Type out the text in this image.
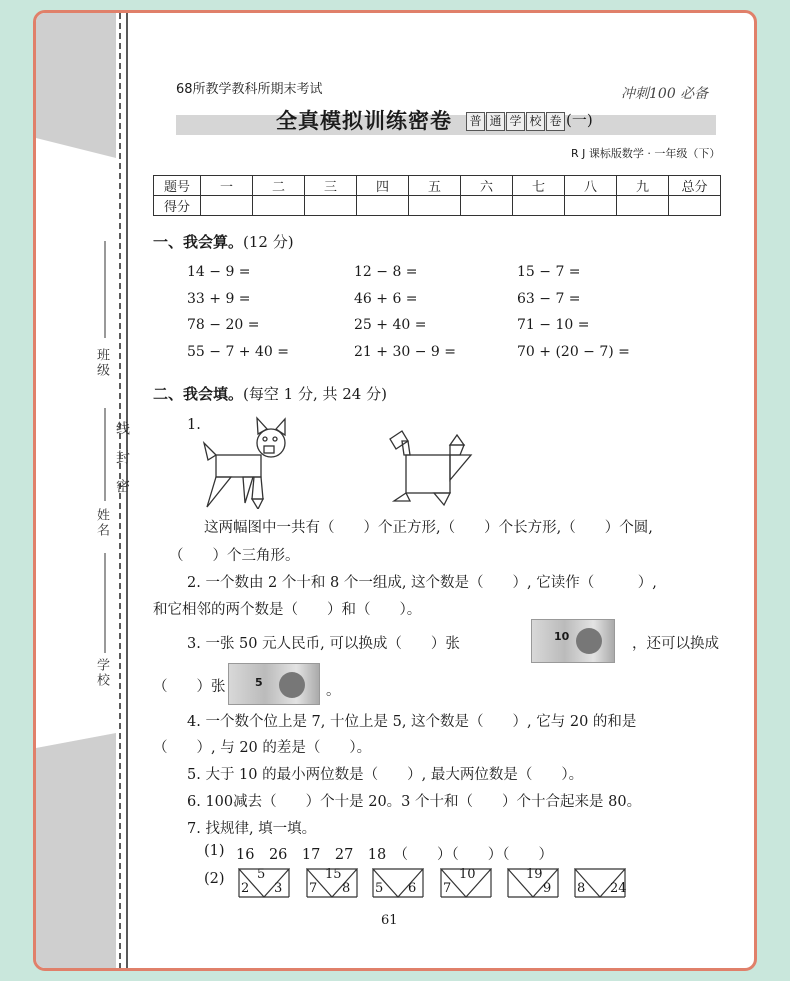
班级
姓名
学校
线
封
密
68所教学教科所期末考试	冲刺100 必备
全真模拟训练密卷 普 通 学 校 卷 (一)
R J 课标版数学 · 一年级（下）
题号	一	二	三	四	五	六	七	八	九	总分
得分										
一、我会算。(12 分)
14 − 9 =	12 − 8 =	15 − 7 =
33 + 9 =	46 + 6 =	63 − 7 =
78 − 20 =	25 + 40 =	71 − 10 =
55 − 7 + 40 =	21 + 30 − 9 =	70 + (20 − 7) =
二、我会填。(每空 1 分, 共 24 分)
1.
这两幅图中一共有（　　）个正方形,（　　）个长方形,（　　）个圆,
（　　）个三角形。
2. 一个数由 2 个十和 8 个一组成, 这个数是（　　）, 它读作（　　　）,
和它相邻的两个数是（　　）和（　　）。
3. 一张 50 元人民币, 可以换成（　　）张	10	，还可以换成
（　　）张	5
。
4. 一个数个位上是 7, 十位上是 5, 这个数是（　　）, 它与 20 的和是
（　　）, 与 20 的差是（　　）。
5. 大于 10 的最小两位数是（　　）, 最大两位数是（　　）。
6. 100减去（　　）个十是 20。3 个十和（　　）个十合起来是 80。
7. 找规律, 填一填。
(1) 16　26　17　27　18　（　　）（　　）（　　）
(2) 5
2 3
15
7 8 5 6
10
7
19
9 8 24
61
